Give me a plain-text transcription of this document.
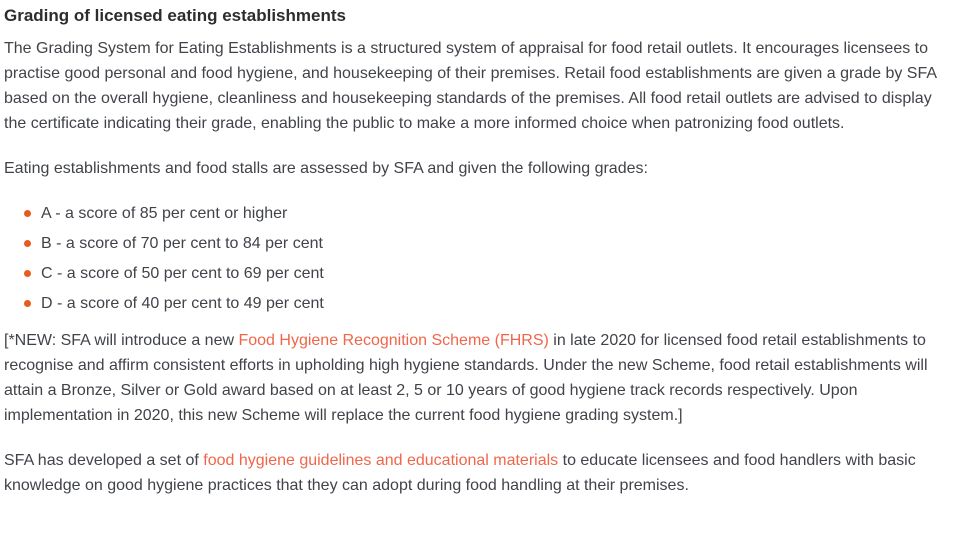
Grading of licensed eating establishments

The Grading System for Eating Establishments is a structured system of appraisal for food retail outlets. It encourages licensees to practise good personal and food hygiene, and housekeeping of their premises. Retail food establishments are given a grade by SFA based on the overall hygiene, cleanliness and housekeeping standards of the premises. All food retail outlets are advised to display the certificate indicating their grade, enabling the public to make a more informed choice when patronizing food outlets.

Eating establishments and food stalls are assessed by SFA and given the following grades:

A - a score of 85 per cent or higher
B - a score of 70 per cent to 84 per cent
C - a score of 50 per cent to 69 per cent
D - a score of 40 per cent to 49 per cent

[*NEW: SFA will introduce a new Food Hygiene Recognition Scheme (FHRS) in late 2020 for licensed food retail establishments to recognise and affirm consistent efforts in upholding high hygiene standards. Under the new Scheme, food retail establishments will attain a Bronze, Silver or Gold award based on at least 2, 5 or 10 years of good hygiene track records respectively. Upon implementation in 2020, this new Scheme will replace the current food hygiene grading system.]

SFA has developed a set of food hygiene guidelines and educational materials to educate licensees and food handlers with basic knowledge on good hygiene practices that they can adopt during food handling at their premises.
